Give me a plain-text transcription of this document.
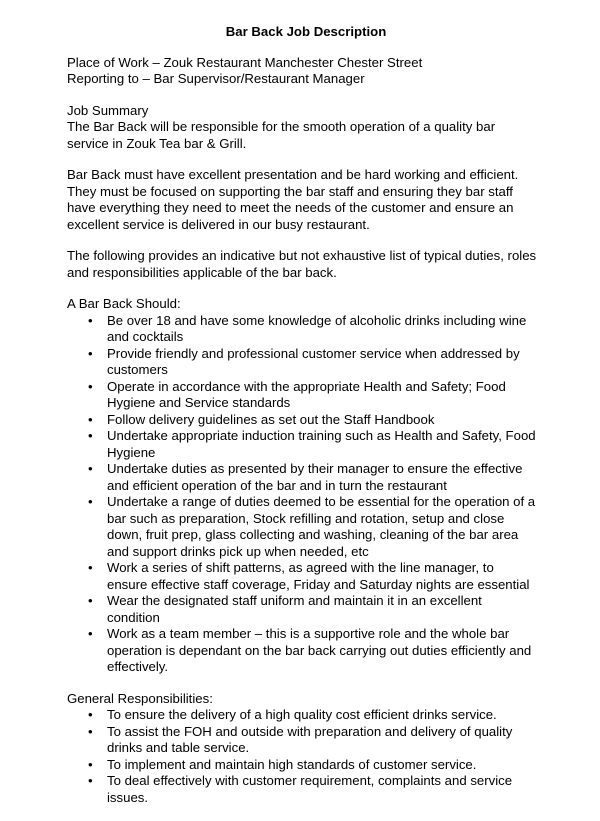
Bar Back Job Description
Place of Work – Zouk Restaurant Manchester Chester Street
Reporting to – Bar Supervisor/Restaurant Manager
Job Summary
The Bar Back will be responsible for the smooth operation of a quality bar service in Zouk Tea bar & Grill.
Bar Back must have excellent presentation and be hard working and efficient. They must be focused on supporting the bar staff and ensuring they bar staff have everything they need to meet the needs of the customer and ensure an excellent service is delivered in our busy restaurant.
The following provides an indicative but not exhaustive list of typical duties, roles and responsibilities applicable of the bar back.
A Bar Back Should:
• Be over 18 and have some knowledge of alcoholic drinks including wine and cocktails
• Provide friendly and professional customer service when addressed by customers
• Operate in accordance with the appropriate Health and Safety; Food Hygiene and Service standards
• Follow delivery guidelines as set out the Staff Handbook
• Undertake appropriate induction training such as Health and Safety, Food Hygiene
• Undertake duties as presented by their manager to ensure the effective and efficient operation of the bar and in turn the restaurant
• Undertake a range of duties deemed to be essential for the operation of a bar such as preparation, Stock refilling and rotation, setup and close down, fruit prep, glass collecting and washing, cleaning of the bar area and support drinks pick up when needed, etc
• Work a series of shift patterns, as agreed with the line manager, to ensure effective staff coverage, Friday and Saturday nights are essential
• Wear the designated staff uniform and maintain it in an excellent condition
• Work as a team member – this is a supportive role and the whole bar operation is dependant on the bar back carrying out duties efficiently and effectively.
General Responsibilities:
• To ensure the delivery of a high quality cost efficient drinks service.
• To assist the FOH and outside with preparation and delivery of quality drinks and table service.
• To implement and maintain high standards of customer service.
• To deal effectively with customer requirement, complaints and service issues.
